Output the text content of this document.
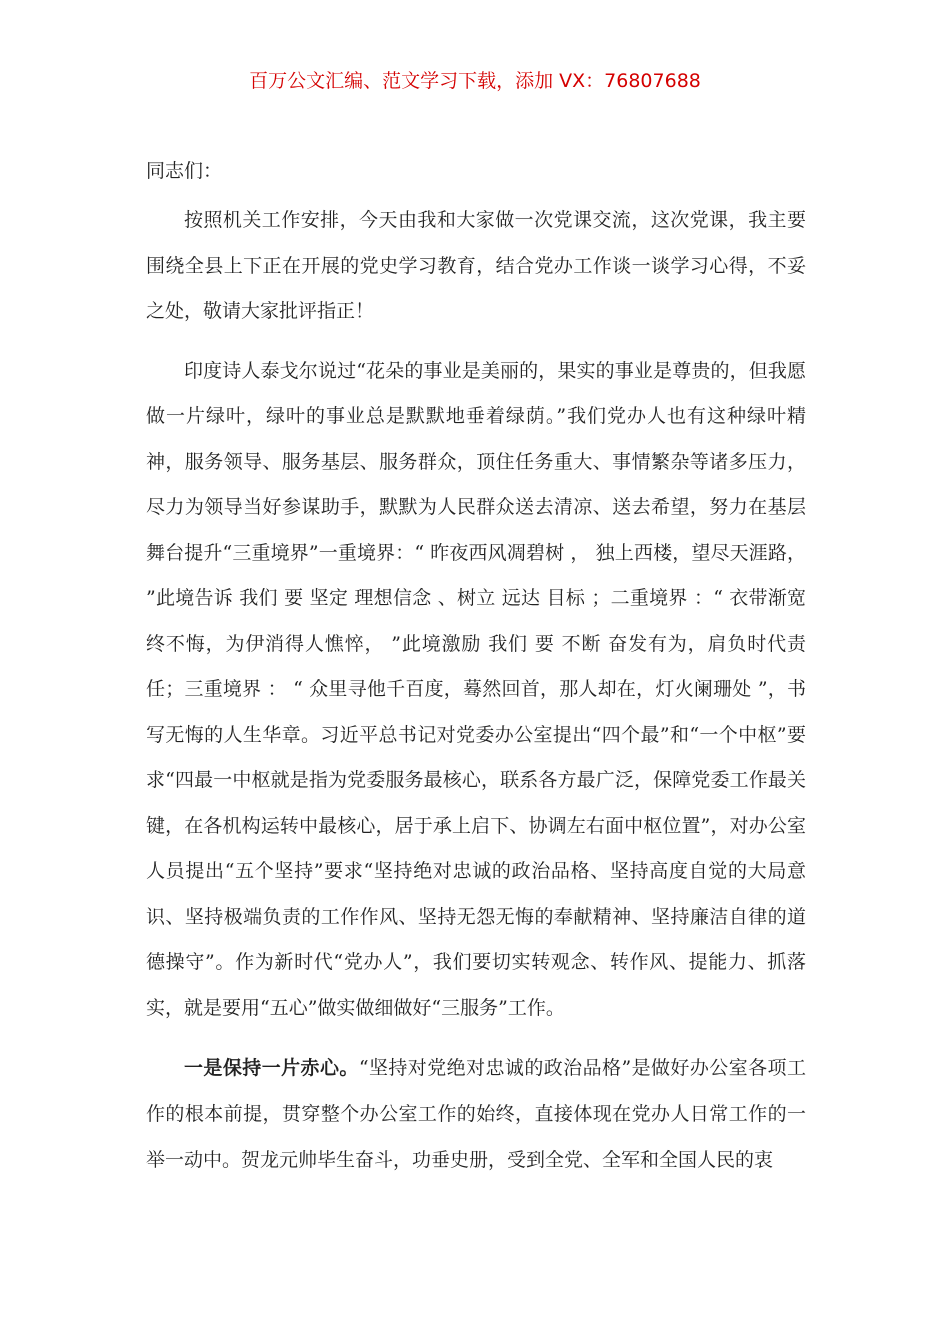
百万公文汇编、范文学习下载，添加 VX：76807688

同志们：

按照机关工作安排，今天由我和大家做一次党课交流，这次党课，我主要围绕全县上下正在开展的党史学习教育，结合党办工作谈一谈学习心得，不妥之处，敬请大家批评指正！

印度诗人泰戈尔说过“花朵的事业是美丽的，果实的事业是尊贵的，但我愿做一片绿叶，绿叶的事业总是默默地垂着绿荫。”我们党办人也有这种绿叶精神，服务领导、服务基层、服务群众，顶住任务重大、事情繁杂等诸多压力，尽力为领导当好参谋助手，默默为人民群众送去清凉、送去希望，努力在基层舞台提升“三重境界”一重境界：“ 昨夜西风凋碧树 ， 独上西楼，望尽天涯路， ”此境告诉 我们 要 坚定 理想信念 、树立 远达 目标 ；二重境界 ：“ 衣带渐宽终不悔，为伊消得人憔悴， ”此境激励 我们 要 不断 奋发有为，肩负时代责任；三重境界 ： “ 众里寻他千百度，蓦然回首，那人却在，灯火阑珊处 ”，书写无悔的人生华章。习近平总书记对党委办公室提出“四个最”和“一个中枢”要求“四最一中枢就是指为党委服务最核心，联系各方最广泛，保障党委工作最关键，在各机构运转中最核心，居于承上启下、协调左右面中枢位置”，对办公室人员提出“五个坚持”要求“坚持绝对忠诚的政治品格、坚持高度自觉的大局意识、坚持极端负责的工作作风、坚持无怨无悔的奉献精神、坚持廉洁自律的道德操守”。作为新时代“党办人”，我们要切实转观念、转作风、提能力、抓落实，就是要用“五心”做实做细做好“三服务”工作。

一是保持一片赤心。“坚持对党绝对忠诚的政治品格”是做好办公室各项工作的根本前提，贯穿整个办公室工作的始终，直接体现在党办人日常工作的一举一动中。贺龙元帅毕生奋斗，功垂史册，受到全党、全军和全国人民的衷
